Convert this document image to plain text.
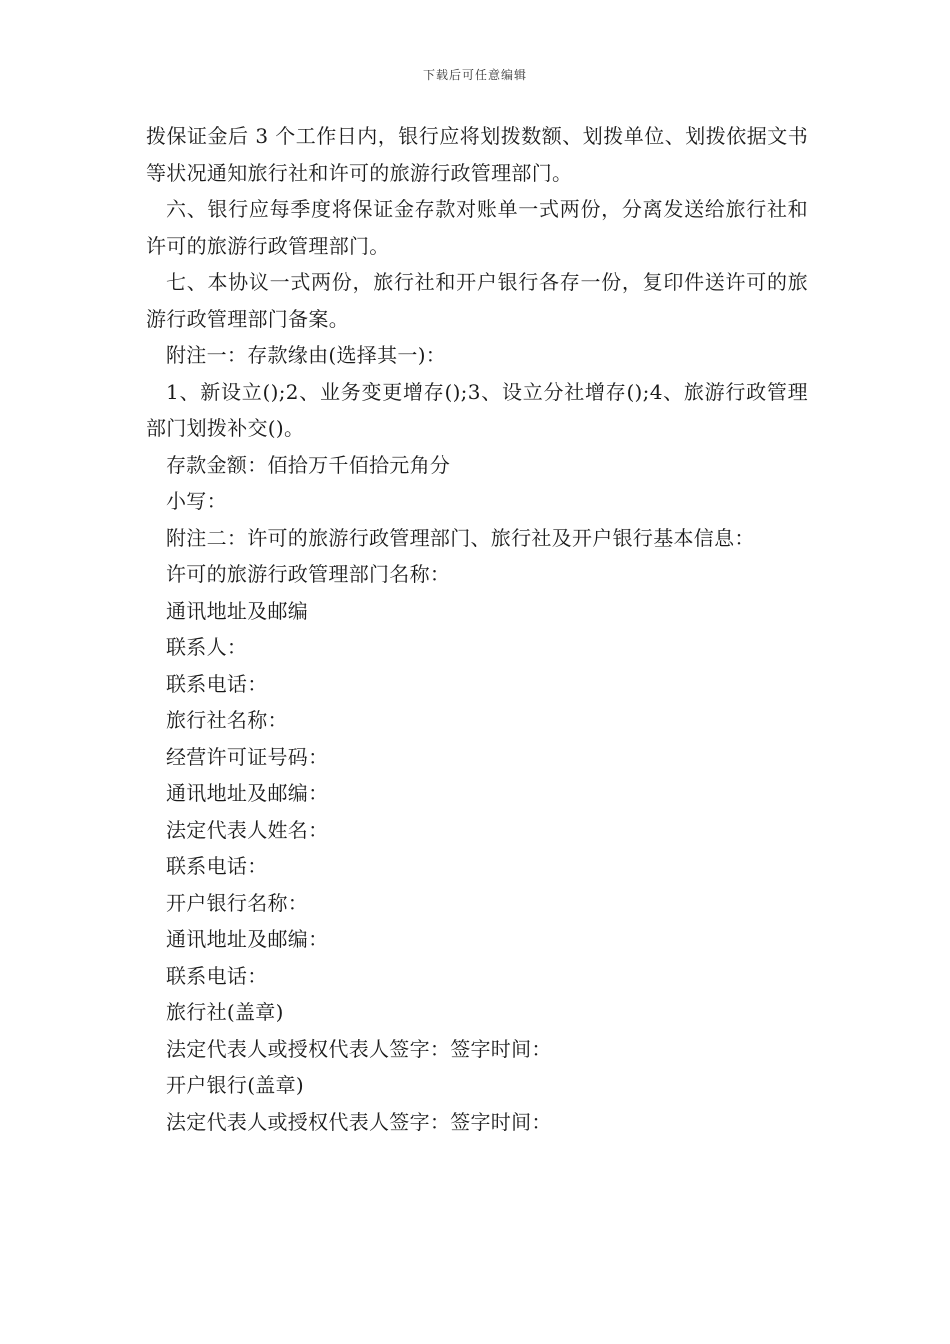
下载后可任意编辑

拨保证金后 3 个工作日内，银行应将划拨数额、划拨单位、划拨依据文书等状况通知旅行社和许可的旅游行政管理部门。

六、银行应每季度将保证金存款对账单一式两份，分离发送给旅行社和许可的旅游行政管理部门。

七、本协议一式两份，旅行社和开户银行各存一份，复印件送许可的旅游行政管理部门备案。

附注一：存款缘由(选择其一)：

1、新设立();2、业务变更增存();3、设立分社增存();4、旅游行政管理部门划拨补交()。

存款金额：佰拾万千佰拾元角分

小写：

附注二：许可的旅游行政管理部门、旅行社及开户银行基本信息：

许可的旅游行政管理部门名称：

通讯地址及邮编

联系人：

联系电话：

旅行社名称：

经营许可证号码：

通讯地址及邮编：

法定代表人姓名：

联系电话：

开户银行名称：

通讯地址及邮编：

联系电话：

旅行社(盖章)

法定代表人或授权代表人签字：签字时间：

开户银行(盖章)

法定代表人或授权代表人签字：签字时间：
